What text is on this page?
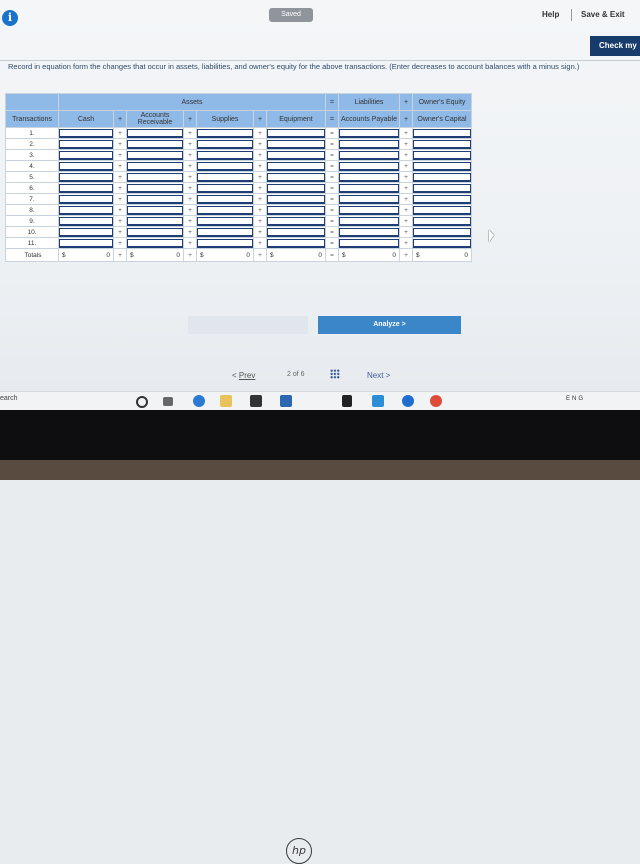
i	Saved	Help	Save & Exit
Check my
Record in equation form the changes that occur in assets, liabilities, and owner's equity for the above transactions. (Enter decreases to account balances with a minus sign.)
	Assets							=	Liabilities	+	Owner's Equity
Transactions	Cash	+	Accounts Receivable	+	Supplies	+	Equipment	=	Accounts Payable	+	Owner's Capital
1.		+		+		+		=		+	

2.		+		+		+		=		+	

3.		+		+		+		=		+	

4.		+		+		+		=		+	

5.		+		+		+		=		+	

6.		+		+		+		=		+	

7.		+		+		+		=		+	

8.		+		+		+		=		+	

9.		+		+		+		=		+	

10.		+		+		+		=		+	

11.		+		+		+		=		+	

Totals	$ 0	+	$ 0	+	$ 0	+	$ 0	=	$ 0	+	$ 0
Analyze >
< Prev	2 of 6	Next >
earch	ENG
hp
